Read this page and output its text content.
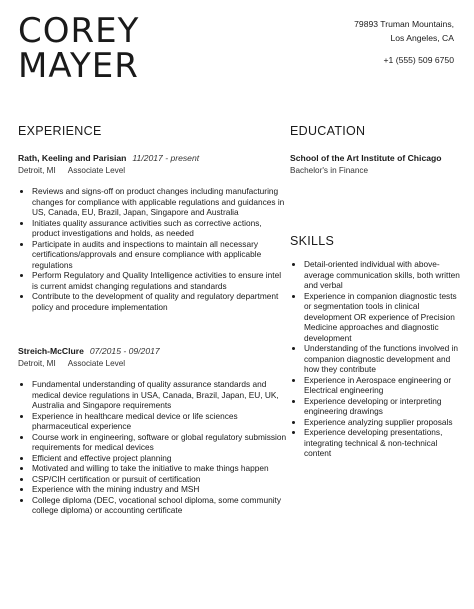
COREY
MAYER
79893 Truman Mountains,
Los Angeles, CA
+1 (555) 509 6750
EXPERIENCE
Rath, Keeling and Parisian 11/2017 - present
Detroit, MI Associate Level
• Reviews and signs-off on product changes including manufacturing changes for compliance with applicable regulations and guidances in US, Canada, EU, Brazil, Japan, Singapore and Australia
• Initiates quality assurance activities such as corrective actions, product investigations and holds, as needed
• Participate in audits and inspections to maintain all necessary certifications/approvals and ensure compliance with applicable regulations
• Perform Regulatory and Quality Intelligence activities to ensure intel is current amidst changing regulations and standards
• Contribute to the development of quality and regulatory department policy and procedure implementation
Streich-McClure 07/2015 - 09/2017
Detroit, MI Associate Level
• Fundamental understanding of quality assurance standards and medical device regulations in USA, Canada, Brazil, Japan, EU, UK, Australia and Singapore requirements
• Experience in healthcare medical device or life sciences pharmaceutical experience
• Course work in engineering, software or global regulatory submission requirements for medical devices
• Efficient and effective project planning
• Motivated and willing to take the initiative to make things happen
• CSP/CIH certification or pursuit of certification
• Experience with the mining industry and MSH
• College diploma (DEC, vocational school diploma, some community college diploma) or accounting certificate
EDUCATION
School of the Art Institute of Chicago
Bachelor's in Finance
SKILLS
• Detail-oriented individual with above-average communication skills, both written and verbal
• Experience in companion diagnostic tests or segmentation tools in clinical development OR experience of Precision Medicine approaches and diagnostic development
• Understanding of the functions involved in companion diagnostic development and how they contribute
• Experience in Aerospace engineering or Electrical engineering
• Experience developing or interpreting engineering drawings
• Experience analyzing supplier proposals
• Experience developing presentations, integrating technical & non-technical content
